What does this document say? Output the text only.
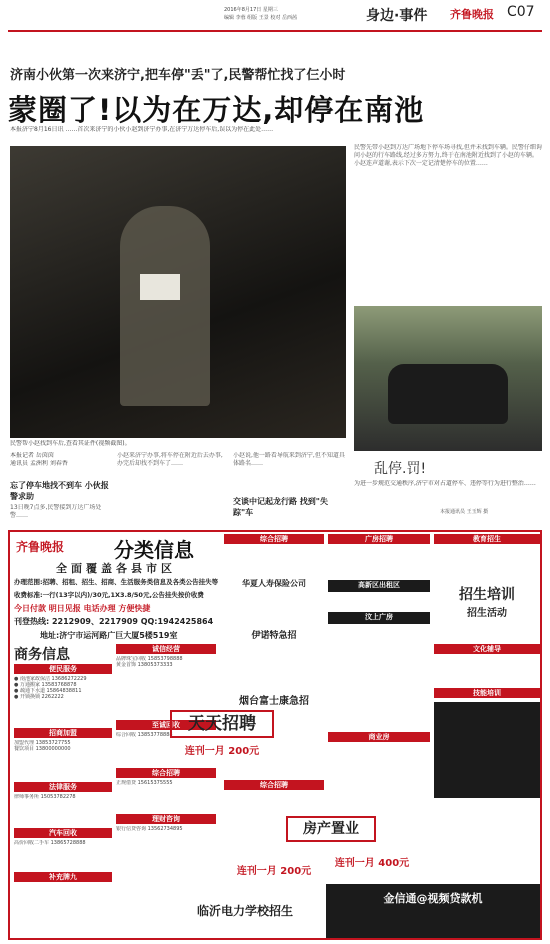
2016年8月17日 星期三
编辑 李蓉 组版 王景 校对 岳西茜	身边·事件 齐鲁晚报 C07
济南小伙第一次来济宁,把车停"丢"了,民警帮忙找了仨小时
蒙圈了!以为在万达,却停在南池
本报济宁8月16日讯 ……首次来济宁的小伙小赵到济宁办事,在济宁万达停车后,误以为停在此处……
民警帮小赵找到车后,查看其证件(视频截图)。
民警先带小赵到万达广场地下停车场寻找,但并未找到车辆。民警仔细询问小赵的行车路线,经过多方努力,终于在南池附近找到了小赵的车辆。小赵连声道谢,表示下次一定记清楚停车的位置……
乱停.罚!
为进一步规范交通秩序,济宁市对占道停车、违停等行为进行整治……
本报通讯员 王玉辉 摄
本报记者 岳茵茵
通讯员 孟洲利 刘春香
忘了停车地找不到车 小伙报警求助
13日晚7点多,民警接到万达广场处警……
小赵来济宁办事,将车停在附近后去办事,办完后却找不到车了……
小赵说,他一路看导航来到济宁,但不知道具体路名……
交谈中记起龙行路 找到"失踪"车
齐鲁晚报 分类信息
全面覆盖各县市区
办理范围:招聘、招租、招生、招商、生活服务类信息及各类公告挂失等
收费标准:一行(13字以内)/30元,1X3.8/50元,公告挂失按价收费
今日付款 明日见报 电话办理 方便快捷
刊登热线: 2212909、2217909 QQ:1942425864
地址:济宁市运河路广巨大厦5楼519室
商务信息
便民服务
● 南池家政保洁 13686272229
● 万通搬家 13583768878
● 疏通下水道 15864838811
● 开锁换锁 2262222
招商加盟
加盟代理 13853727755
餐饮项目 13800000000
法律服务
律师事务所 15053782278
汽车回收
高价回收二手车 13865728888
补充牌九
诚信经营
品牌珠宝回收 15853798888
黄金首饰 13805373333
至诚回收
综合回收 13853778888
综合招聘
正规借贷 15615375555
理财咨询
银行信贷咨询 13562734895
综合招聘
华夏人寿保险公司
伊诺特急招
烟台富士康急招
综合招聘
天天招聘
连刊一月 200元
广房招聘
高新区出租区
汶上广房
商业房
房产置业
连刊一月 400元
教育招生
招生培训
招生活动
文化辅导
技能培训
临沂电力学校招生
金信通@视频贷款机
连刊一月 200元
